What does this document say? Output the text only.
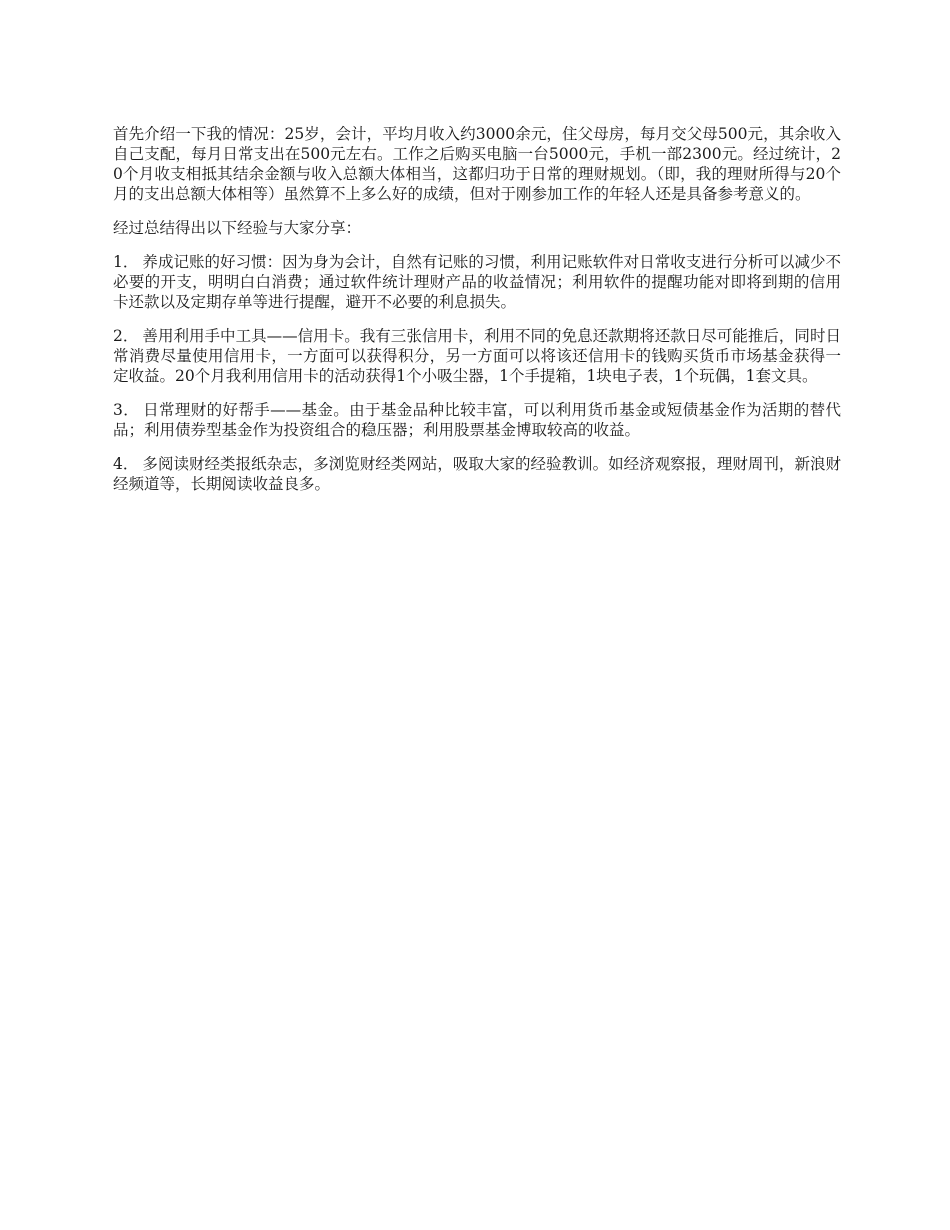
首先介绍一下我的情况：25岁，会计，平均月收入约3000余元，住父母房，每月交父母500元，其余收入自己支配，每月日常支出在500元左右。工作之后购买电脑一台5000元，手机一部2300元。经过统计，20个月收支相抵其结余金额与收入总额大体相当，这都归功于日常的理财规划。（即，我的理财所得与20个月的支出总额大体相等）虽然算不上多么好的成绩，但对于刚参加工作的年轻人还是具备参考意义的。

经过总结得出以下经验与大家分享：

1． 养成记账的好习惯：因为身为会计，自然有记账的习惯，利用记账软件对日常收支进行分析可以减少不必要的开支，明明白白消费；通过软件统计理财产品的收益情况；利用软件的提醒功能对即将到期的信用卡还款以及定期存单等进行提醒，避开不必要的利息损失。

2． 善用利用手中工具——信用卡。我有三张信用卡，利用不同的免息还款期将还款日尽可能推后，同时日常消费尽量使用信用卡，一方面可以获得积分，另一方面可以将该还信用卡的钱购买货币市场基金获得一定收益。20个月我利用信用卡的活动获得1个小吸尘器，1个手提箱，1块电子表，1个玩偶，1套文具。

3． 日常理财的好帮手——基金。由于基金品种比较丰富，可以利用货币基金或短债基金作为活期的替代品；利用债券型基金作为投资组合的稳压器；利用股票基金博取较高的收益。

4． 多阅读财经类报纸杂志，多浏览财经类网站，吸取大家的经验教训。如经济观察报，理财周刊，新浪财经频道等，长期阅读收益良多。
